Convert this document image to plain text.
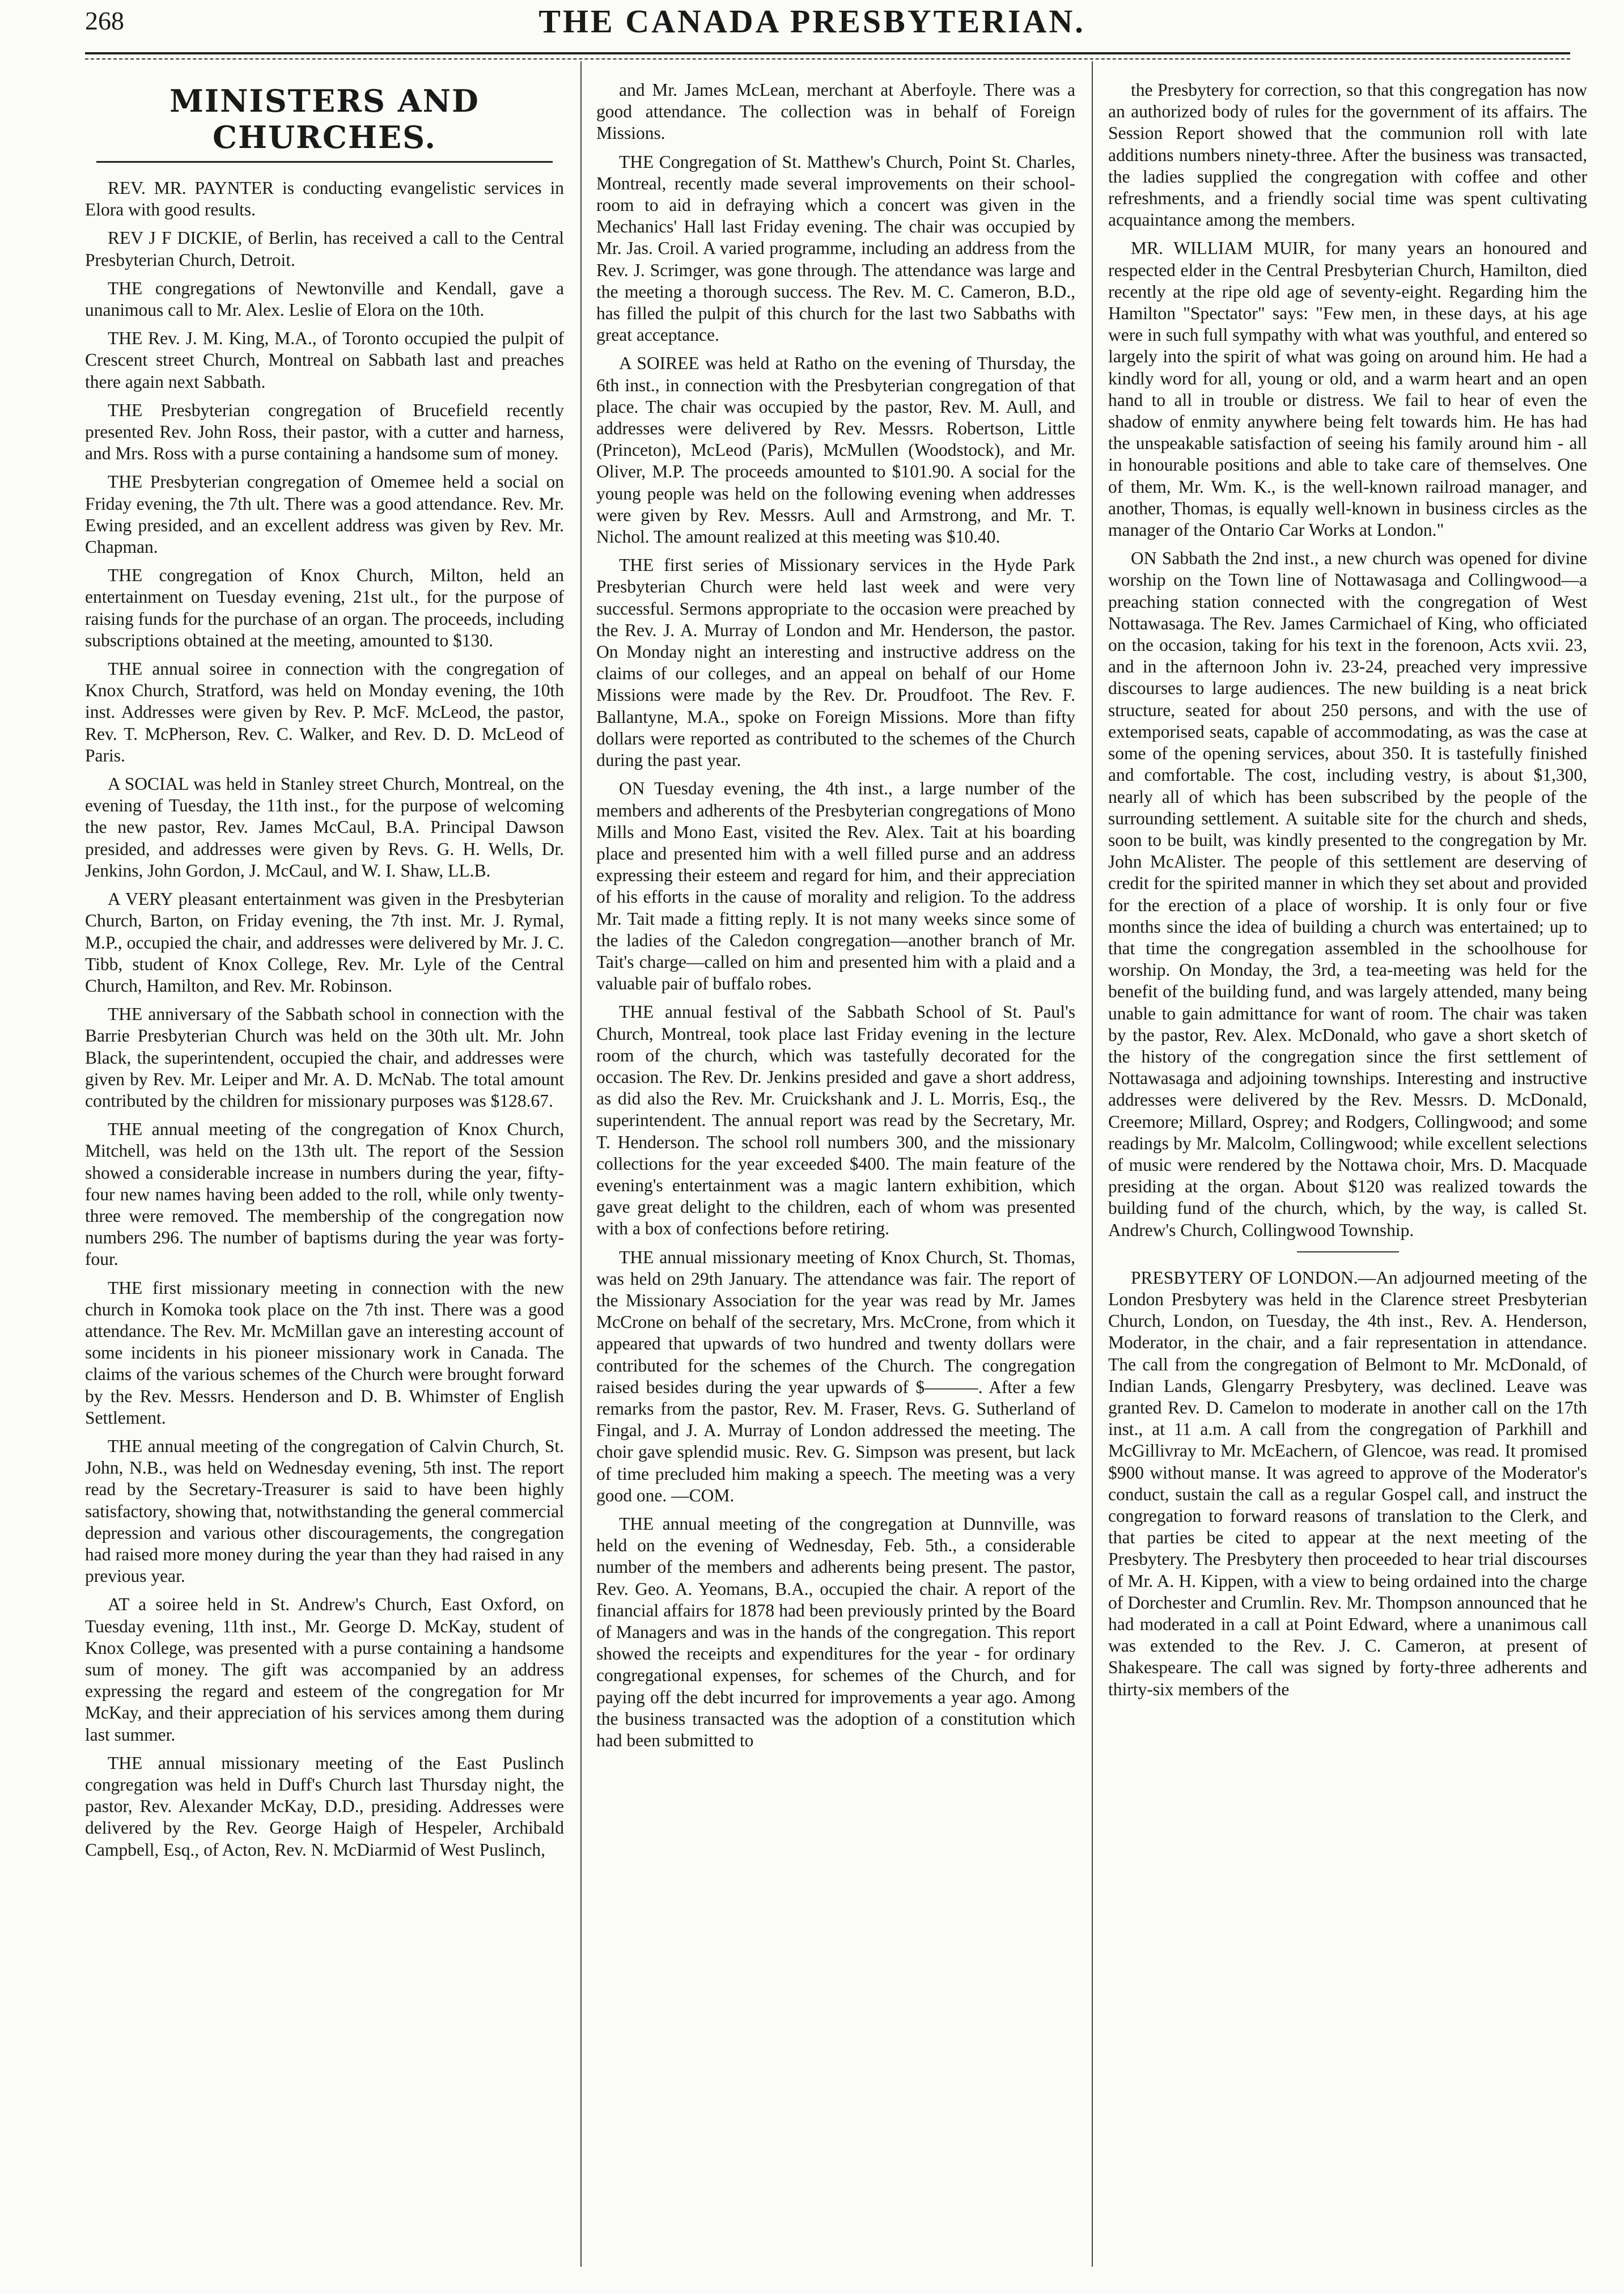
268	THE CANADA PRESBYTERIAN.
MINISTERS AND CHURCHES.

REV. MR. PAYNTER is conducting evangelistic services in Elora with good results.

REV J F DICKIE, of Berlin, has received a call to the Central Presbyterian Church, Detroit.

THE congregations of Newtonville and Kendall, gave a unanimous call to Mr. Alex. Leslie of Elora on the 10th.

THE Rev. J. M. King, M.A., of Toronto occupied the pulpit of Crescent street Church, Montreal on Sabbath last and preaches there again next Sabbath.

THE Presbyterian congregation of Brucefield recently presented Rev. John Ross, their pastor, with a cutter and harness, and Mrs. Ross with a purse containing a handsome sum of money.

THE Presbyterian congregation of Omemee held a social on Friday evening, the 7th ult. There was a good attendance. Rev. Mr. Ewing presided, and an excellent address was given by Rev. Mr. Chapman.

THE congregation of Knox Church, Milton, held an entertainment on Tuesday evening, 21st ult., for the purpose of raising funds for the purchase of an organ. The proceeds, including subscriptions obtained at the meeting, amounted to $130.

THE annual soiree in connection with the congregation of Knox Church, Stratford, was held on Monday evening, the 10th inst. Addresses were given by Rev. P. McF. McLeod, the pastor, Rev. T. McPherson, Rev. C. Walker, and Rev. D. D. McLeod of Paris.

A SOCIAL was held in Stanley street Church, Montreal, on the evening of Tuesday, the 11th inst., for the purpose of welcoming the new pastor, Rev. James McCaul, B.A. Principal Dawson presided, and addresses were given by Revs. G. H. Wells, Dr. Jenkins, John Gordon, J. McCaul, and W. I. Shaw, LL.B.

A VERY pleasant entertainment was given in the Presbyterian Church, Barton, on Friday evening, the 7th inst. Mr. J. Rymal, M.P., occupied the chair, and addresses were delivered by Mr. J. C. Tibb, student of Knox College, Rev. Mr. Lyle of the Central Church, Hamilton, and Rev. Mr. Robinson.

THE anniversary of the Sabbath school in connection with the Barrie Presbyterian Church was held on the 30th ult. Mr. John Black, the superintendent, occupied the chair, and addresses were given by Rev. Mr. Leiper and Mr. A. D. McNab. The total amount contributed by the children for missionary purposes was $128.67.

THE annual meeting of the congregation of Knox Church, Mitchell, was held on the 13th ult. The report of the Session showed a considerable increase in numbers during the year, fifty-four new names having been added to the roll, while only twenty-three were removed. The membership of the congregation now numbers 296. The number of baptisms during the year was forty-four.

THE first missionary meeting in connection with the new church in Komoka took place on the 7th inst. There was a good attendance. The Rev. Mr. McMillan gave an interesting account of some incidents in his pioneer missionary work in Canada. The claims of the various schemes of the Church were brought forward by the Rev. Messrs. Henderson and D. B. Whimster of English Settlement.

THE annual meeting of the congregation of Calvin Church, St. John, N.B., was held on Wednesday evening, 5th inst. The report read by the Secretary-Treasurer is said to have been highly satisfactory, showing that, notwithstanding the general commercial depression and various other discouragements, the congregation had raised more money during the year than they had raised in any previous year.

AT a soiree held in St. Andrew's Church, East Oxford, on Tuesday evening, 11th inst., Mr. George D. McKay, student of Knox College, was presented with a purse containing a handsome sum of money. The gift was accompanied by an address expressing the regard and esteem of the congregation for Mr McKay, and their appreciation of his services among them during last summer.

THE annual missionary meeting of the East Puslinch congregation was held in Duff's Church last Thursday night, the pastor, Rev. Alexander McKay, D.D., presiding. Addresses were delivered by the Rev. George Haigh of Hespeler, Archibald Campbell, Esq., of Acton, Rev. N. McDiarmid of West Puslinch,

and Mr. James McLean, merchant at Aberfoyle. There was a good attendance. The collection was in behalf of Foreign Missions.

THE Congregation of St. Matthew's Church, Point St. Charles, Montreal, recently made several improvements on their school-room to aid in defraying which a concert was given in the Mechanics' Hall last Friday evening. The chair was occupied by Mr. Jas. Croil. A varied programme, including an address from the Rev. J. Scrimger, was gone through. The attendance was large and the meeting a thorough success. The Rev. M. C. Cameron, B.D., has filled the pulpit of this church for the last two Sabbaths with great acceptance.

A SOIREE was held at Ratho on the evening of Thursday, the 6th inst., in connection with the Presbyterian congregation of that place. The chair was occupied by the pastor, Rev. M. Aull, and addresses were delivered by Rev. Messrs. Robertson, Little (Princeton), McLeod (Paris), McMullen (Woodstock), and Mr. Oliver, M.P. The proceeds amounted to $101.90. A social for the young people was held on the following evening when addresses were given by Rev. Messrs. Aull and Armstrong, and Mr. T. Nichol. The amount realized at this meeting was $10.40.

THE first series of Missionary services in the Hyde Park Presbyterian Church were held last week and were very successful. Sermons appropriate to the occasion were preached by the Rev. J. A. Murray of London and Mr. Henderson, the pastor. On Monday night an interesting and instructive address on the claims of our colleges, and an appeal on behalf of our Home Missions were made by the Rev. Dr. Proudfoot. The Rev. F. Ballantyne, M.A., spoke on Foreign Missions. More than fifty dollars were reported as contributed to the schemes of the Church during the past year.

ON Tuesday evening, the 4th inst., a large number of the members and adherents of the Presbyterian congregations of Mono Mills and Mono East, visited the Rev. Alex. Tait at his boarding place and presented him with a well filled purse and an address expressing their esteem and regard for him, and their appreciation of his efforts in the cause of morality and religion. To the address Mr. Tait made a fitting reply. It is not many weeks since some of the ladies of the Caledon congregation—another branch of Mr. Tait's charge—called on him and presented him with a plaid and a valuable pair of buffalo robes.

THE annual festival of the Sabbath School of St. Paul's Church, Montreal, took place last Friday evening in the lecture room of the church, which was tastefully decorated for the occasion. The Rev. Dr. Jenkins presided and gave a short address, as did also the Rev. Mr. Cruickshank and J. L. Morris, Esq., the superintendent. The annual report was read by the Secretary, Mr. T. Henderson. The school roll numbers 300, and the missionary collections for the year exceeded $400. The main feature of the evening's entertainment was a magic lantern exhibition, which gave great delight to the children, each of whom was presented with a box of confections before retiring.

THE annual missionary meeting of Knox Church, St. Thomas, was held on 29th January. The attendance was fair. The report of the Missionary Association for the year was read by Mr. James McCrone on behalf of the secretary, Mrs. McCrone, from which it appeared that upwards of two hundred and twenty dollars were contributed for the schemes of the Church. The congregation raised besides during the year upwards of $———. After a few remarks from the pastor, Rev. M. Fraser, Revs. G. Sutherland of Fingal, and J. A. Murray of London addressed the meeting. The choir gave splendid music. Rev. G. Simpson was present, but lack of time precluded him making a speech. The meeting was a very good one. —COM.

THE annual meeting of the congregation at Dunnville, was held on the evening of Wednesday, Feb. 5th., a considerable number of the members and adherents being present. The pastor, Rev. Geo. A. Yeomans, B.A., occupied the chair. A report of the financial affairs for 1878 had been previously printed by the Board of Managers and was in the hands of the congregation. This report showed the receipts and expenditures for the year - for ordinary congregational expenses, for schemes of the Church, and for paying off the debt incurred for improvements a year ago. Among the business transacted was the adoption of a constitution which had been submitted to

the Presbytery for correction, so that this congregation has now an authorized body of rules for the government of its affairs. The Session Report showed that the communion roll with late additions numbers ninety-three. After the business was transacted, the ladies supplied the congregation with coffee and other refreshments, and a friendly social time was spent cultivating acquaintance among the members.

MR. WILLIAM MUIR, for many years an honoured and respected elder in the Central Presbyterian Church, Hamilton, died recently at the ripe old age of seventy-eight. Regarding him the Hamilton "Spectator" says: "Few men, in these days, at his age were in such full sympathy with what was youthful, and entered so largely into the spirit of what was going on around him. He had a kindly word for all, young or old, and a warm heart and an open hand to all in trouble or distress. We fail to hear of even the shadow of enmity anywhere being felt towards him. He has had the unspeakable satisfaction of seeing his family around him - all in honourable positions and able to take care of themselves. One of them, Mr. Wm. K., is the well-known railroad manager, and another, Thomas, is equally well-known in business circles as the manager of the Ontario Car Works at London."

ON Sabbath the 2nd inst., a new church was opened for divine worship on the Town line of Nottawasaga and Collingwood—a preaching station connected with the congregation of West Nottawasaga. The Rev. James Carmichael of King, who officiated on the occasion, taking for his text in the forenoon, Acts xvii. 23, and in the afternoon John iv. 23-24, preached very impressive discourses to large audiences. The new building is a neat brick structure, seated for about 250 persons, and with the use of extemporised seats, capable of accommodating, as was the case at some of the opening services, about 350. It is tastefully finished and comfortable. The cost, including vestry, is about $1,300, nearly all of which has been subscribed by the people of the surrounding settlement. A suitable site for the church and sheds, soon to be built, was kindly presented to the congregation by Mr. John McAlister. The people of this settlement are deserving of credit for the spirited manner in which they set about and provided for the erection of a place of worship. It is only four or five months since the idea of building a church was entertained; up to that time the congregation assembled in the schoolhouse for worship. On Monday, the 3rd, a tea-meeting was held for the benefit of the building fund, and was largely attended, many being unable to gain admittance for want of room. The chair was taken by the pastor, Rev. Alex. McDonald, who gave a short sketch of the history of the congregation since the first settlement of Nottawasaga and adjoining townships. Interesting and instructive addresses were delivered by the Rev. Messrs. D. McDonald, Creemore; Millard, Osprey; and Rodgers, Collingwood; and some readings by Mr. Malcolm, Collingwood; while excellent selections of music were rendered by the Nottawa choir, Mrs. D. Macquade presiding at the organ. About $120 was realized towards the building fund of the church, which, by the way, is called St. Andrew's Church, Collingwood Township.

PRESBYTERY OF LONDON.—An adjourned meeting of the London Presbytery was held in the Clarence street Presbyterian Church, London, on Tuesday, the 4th inst., Rev. A. Henderson, Moderator, in the chair, and a fair representation in attendance. The call from the congregation of Belmont to Mr. McDonald, of Indian Lands, Glengarry Presbytery, was declined. Leave was granted Rev. D. Camelon to moderate in another call on the 17th inst., at 11 a.m. A call from the congregation of Parkhill and McGillivray to Mr. McEachern, of Glencoe, was read. It promised $900 without manse. It was agreed to approve of the Moderator's conduct, sustain the call as a regular Gospel call, and instruct the congregation to forward reasons of translation to the Clerk, and that parties be cited to appear at the next meeting of the Presbytery. The Presbytery then proceeded to hear trial discourses of Mr. A. H. Kippen, with a view to being ordained into the charge of Dorchester and Crumlin. Rev. Mr. Thompson announced that he had moderated in a call at Point Edward, where a unanimous call was extended to the Rev. J. C. Cameron, at present of Shakespeare. The call was signed by forty-three adherents and thirty-six members of the
